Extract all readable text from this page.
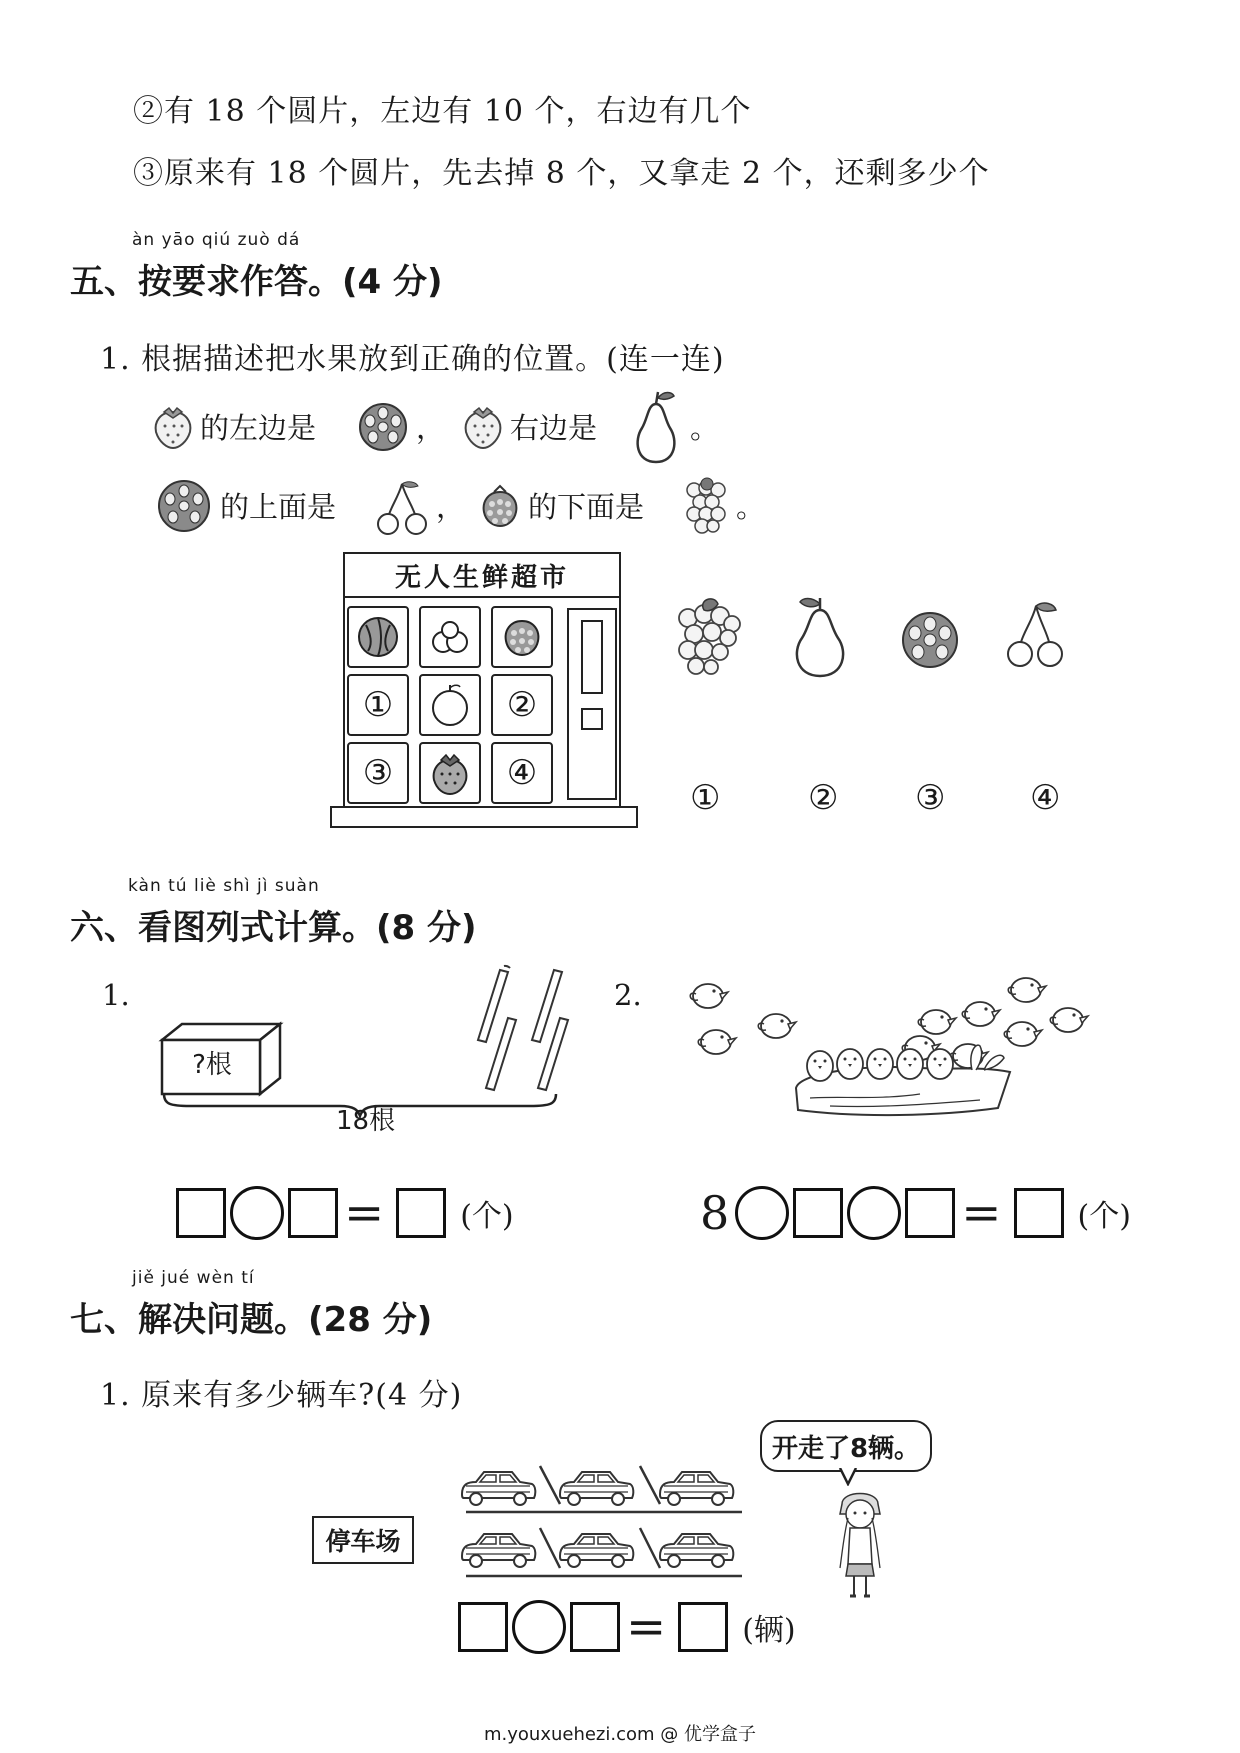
②有 18 个圆片，左边有 10 个，右边有几个
③原来有 18 个圆片，先去掉 8 个，又拿走 2 个，还剩多少个
àn yāo qiú zuò dá
五、按要求作答。(4 分)
1. 根据描述把水果放到正确的位置。(连一连)
的左边是	， 右边是	。
的上面是	， 的下面是	。
无人生鲜超市
①	②
③	④
①	② ③ ④
kàn tú liè shì jì suàn
六、看图列式计算。(8 分)
1.
?根
18根
=	(个)
2.
8	=	(个)
jiě jué wèn tí
七、解决问题。(28 分)
1. 原来有多少辆车?(4 分)
停车场
开走了8辆。
=	(辆)
m.youxuehezi.com @ 优学盒子
